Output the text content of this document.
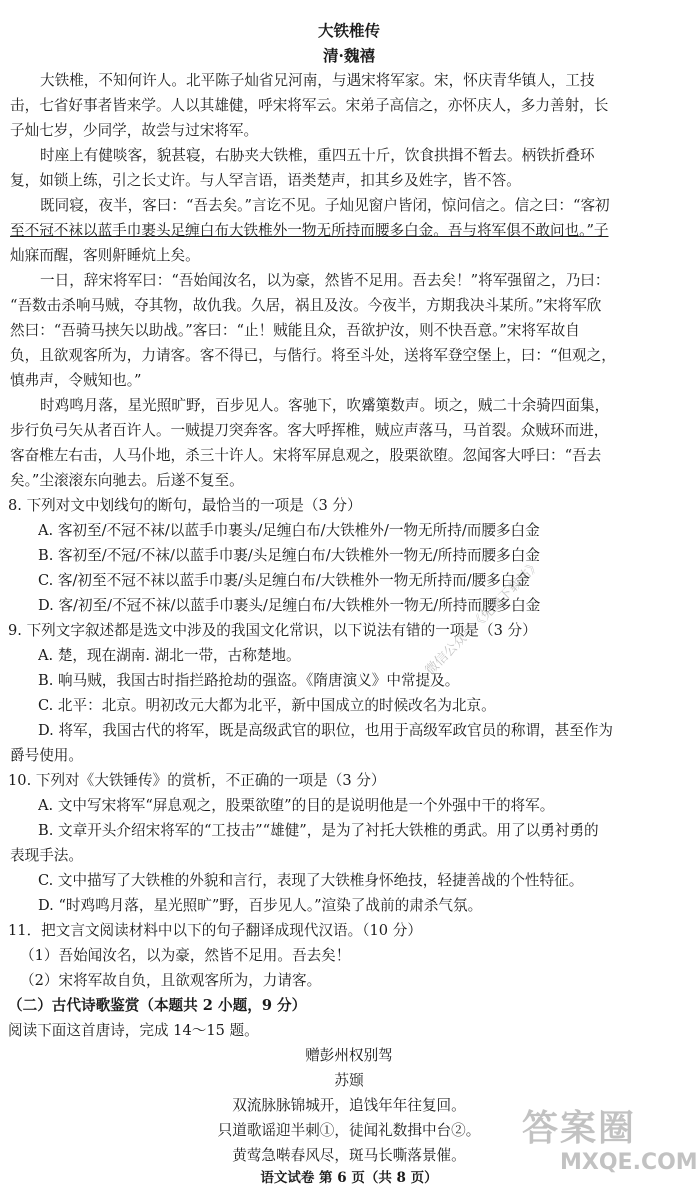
大铁椎传
清·魏禧
大铁椎，不知何许人。北平陈子灿省兄河南，与遇宋将军家。宋，怀庆青华镇人，工技
击，七省好事者皆来学。人以其雄健，呼宋将军云。宋弟子高信之，亦怀庆人，多力善射，长
子灿七岁，少同学，故尝与过宋将军。
时座上有健啖客，貌甚寝，右胁夹大铁椎，重四五十斤，饮食拱揖不暂去。柄铁折叠环
复，如锁上练，引之长丈许。与人罕言语，语类楚声，扣其乡及姓字，皆不答。
既同寝，夜半，客曰：“吾去矣。”言讫不见。子灿见窗户皆闭，惊问信之。信之曰：“客初
至不冠不袜以蓝手巾裹头足缠白布大铁椎外一物无所持而腰多白金。吾与将军俱不敢问也。”子
灿寐而醒，客则鼾睡炕上矣。
一日，辞宋将军曰：“吾始闻汝名，以为豪，然皆不足用。吾去矣！”将军强留之，乃曰：
“吾数击杀响马贼，夺其物，故仇我。久居，祸且及汝。今夜半，方期我决斗某所。”宋将军欣
然曰：“吾骑马挟矢以助战。”客曰：“止！贼能且众，吾欲护汝，则不快吾意。”宋将军故自
负，且欲观客所为，力请客。客不得已，与偕行。将至斗处，送将军登空堡上，曰：“但观之，
慎弗声，令贼知也。”
时鸡鸣月落，星光照旷野，百步见人。客驰下，吹觱篥数声。顷之，贼二十余骑四面集，
步行负弓矢从者百许人。一贼提刀突奔客。客大呼挥椎，贼应声落马，马首裂。众贼环而进，
客奋椎左右击，人马仆地，杀三十许人。宋将军屏息观之，股栗欲堕。忽闻客大呼曰：“吾去
矣。”尘滚滚东向驰去。后遂不复至。
8. 下列对文中划线句的断句，最恰当的一项是（3 分）
A. 客初至/不冠不袜/以蓝手巾裹头/足缠白布/大铁椎外/一物无所持/而腰多白金
B. 客初至/不冠/不袜/以蓝手巾裹/头足缠白布/大铁椎外一物无/所持而腰多白金
C. 客/初至不冠不袜以蓝手巾裹/头足缠白布/大铁椎外一物无所持而/腰多白金
D. 客/初至/不冠不袜/以蓝手巾裹头/足缠白布/大铁椎外一物无/所持而腰多白金
9. 下列文字叙述都是选文中涉及的我国文化常识，以下说法有错的一项是（3 分）
A. 楚，现在湖南. 湖北一带，古称楚地。
B. 响马贼，我国古时指拦路抢劫的强盗。《隋唐演义》中常提及。
C. 北平：北京。明初改元大都为北平，新中国成立的时候改名为北京。
D. 将军，我国古代的将军，既是高级武官的职位，也用于高级军政官员的称谓，甚至作为
爵号使用。
10. 下列对《大铁锤传》的赏析，不正确的一项是（3 分）
A. 文中写宋将军“屏息观之，股栗欲堕”的目的是说明他是一个外强中干的将军。
B. 文章开头介绍宋将军的“工技击”“雄健”，是为了衬托大铁椎的勇武。用了以勇衬勇的
表现手法。
C. 文中描写了大铁椎的外貌和言行，表现了大铁椎身怀绝技，轻捷善战的个性特征。
D. “时鸡鸣月落，星光照旷”野，百步见人。”渲染了战前的肃杀气氛。
11．把文言文阅读材料中以下的句子翻译成现代汉语。（10 分）
（1）吾始闻汝名，以为豪，然皆不足用。吾去矣！
（2）宋将军故自负，且欲观客所为，力请客。
（二）古代诗歌鉴赏（本题共 2 小题，9 分）
阅读下面这首唐诗，完成 14～15 题。
赠彭州权别驾
苏颋
双流脉脉锦城开，追饯年年往复回。
只道歌谣迎半刺①，徒闻礼数揖中台②。
黄莺急啭春风尽，斑马长嘶落景催。
语文试卷 第 6 页（共 8 页）
微信公众号《免费下载站》
答案圈
MXQE.COM
